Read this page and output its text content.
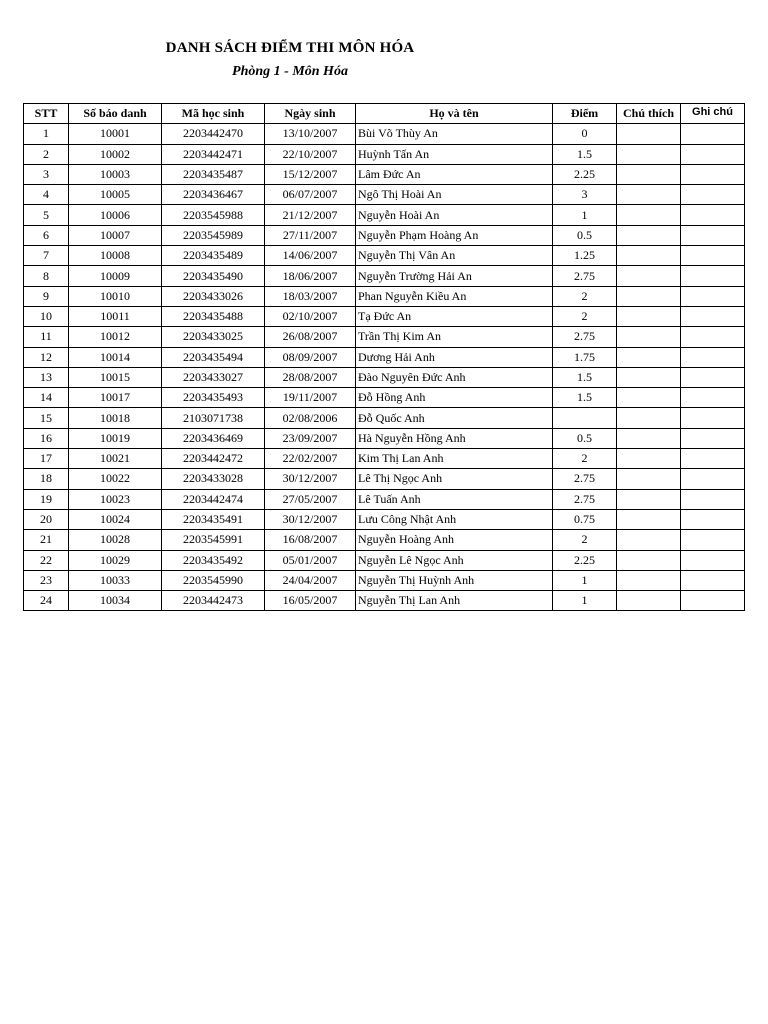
DANH SÁCH ĐIỂM THI MÔN HÓA
Phòng 1 - Môn Hóa
STT	Số báo danh	Mã học sinh	Ngày sinh	Họ và tên	Điểm	Chú thích	Ghi chú
1	10001	2203442470	13/10/2007	Bùi Võ Thùy An	0		
2	10002	2203442471	22/10/2007	Huỳnh Tấn An	1.5		
3	10003	2203435487	15/12/2007	Lâm Đức An	2.25		
4	10005	2203436467	06/07/2007	Ngô Thị Hoài An	3		
5	10006	2203545988	21/12/2007	Nguyễn Hoài An	1		
6	10007	2203545989	27/11/2007	Nguyễn Phạm Hoàng An	0.5		
7	10008	2203435489	14/06/2007	Nguyễn Thị Vân An	1.25		
8	10009	2203435490	18/06/2007	Nguyễn Trường Hải An	2.75		
9	10010	2203433026	18/03/2007	Phan Nguyễn Kiều An	2		
10	10011	2203435488	02/10/2007	Tạ Đức An	2		
11	10012	2203433025	26/08/2007	Trần Thị Kim An	2.75		
12	10014	2203435494	08/09/2007	Dương Hải Anh	1.75		
13	10015	2203433027	28/08/2007	Đào Nguyên Đức Anh	1.5		
14	10017	2203435493	19/11/2007	Đỗ Hồng Anh	1.5		
15	10018	2103071738	02/08/2006	Đỗ Quốc Anh			
16	10019	2203436469	23/09/2007	Hà Nguyễn Hồng Anh	0.5		
17	10021	2203442472	22/02/2007	Kim Thị Lan Anh	2		
18	10022	2203433028	30/12/2007	Lê Thị Ngọc Anh	2.75		
19	10023	2203442474	27/05/2007	Lê Tuấn Anh	2.75		
20	10024	2203435491	30/12/2007	Lưu Công Nhật Anh	0.75		
21	10028	2203545991	16/08/2007	Nguyễn Hoàng Anh	2		
22	10029	2203435492	05/01/2007	Nguyễn Lê Ngọc Anh	2.25		
23	10033	2203545990	24/04/2007	Nguyễn Thị Huỳnh Anh	1		
24	10034	2203442473	16/05/2007	Nguyễn Thị Lan Anh	1		
